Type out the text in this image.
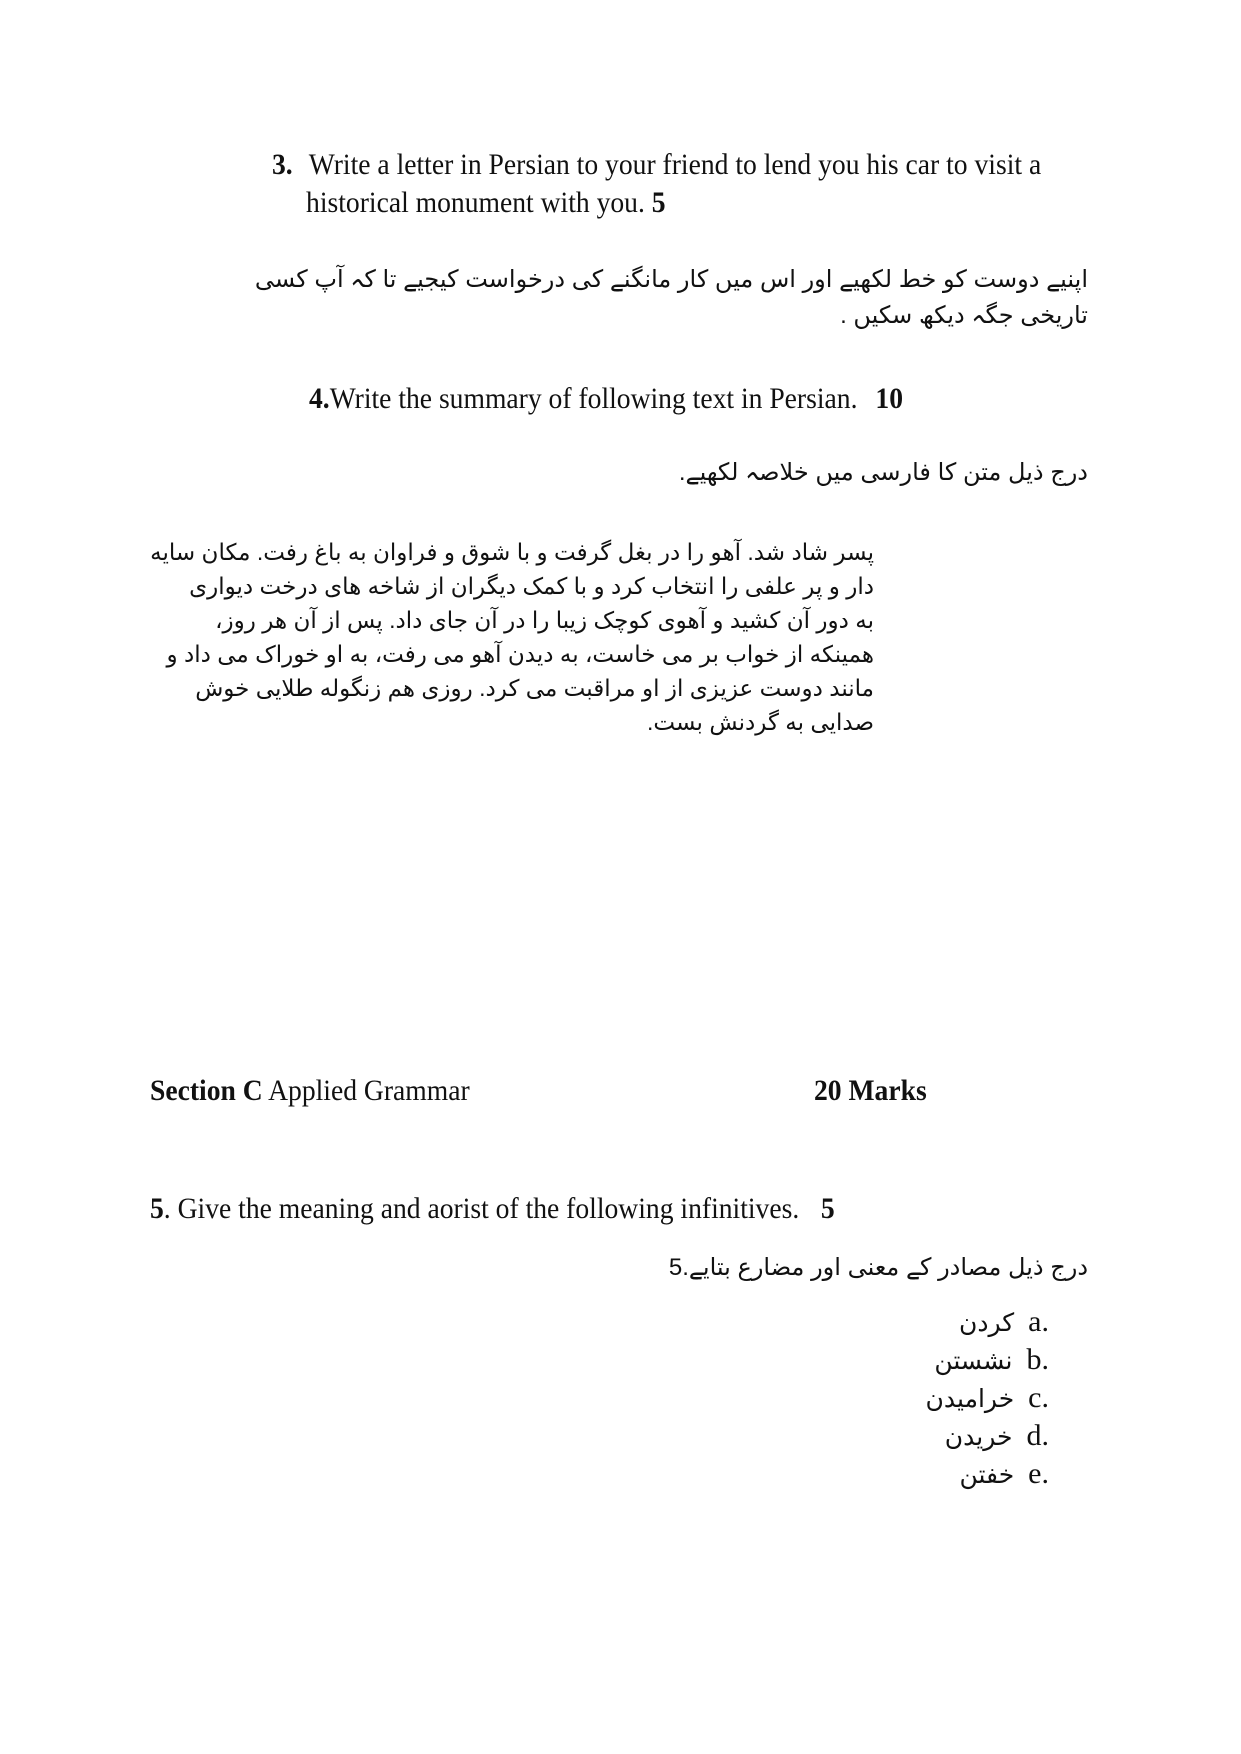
3. Write a letter in Persian to your friend to lend you his car to visit a
historical monument with you. 5
اپنیے دوست کو خط لکھیے اور اس میں کار مانگنے کی درخواست کیجیے تا کہ آپ کسی
تاریخی جگہ دیکھ سکیں .
4.Write the summary of following text in Persian. 10
درج ذیل متن کا فارسی میں خلاصہ لکھیے.
پسر شاد شد. آهو را در بغل گرفت و با شوق و فراوان به باغ رفت. مکان سایه
دار و پر علفی را انتخاب کرد و با کمک دیگران از شاخه های درخت دیواری
به دور آن کشید و آهوی کوچک زیبا را در آن جای داد. پس از آن هر روز،
همینکه از خواب بر می خاست، به دیدن آهو می رفت، به او خوراک می داد و
مانند دوست عزیزی از او مراقبت می کرد. روزی هم زنگوله طلایی خوش
صدایی به گردنش بست.
Section C Applied Grammar	20 Marks
5. Give the meaning and aorist of the following infinitives. 5
درج ذیل مصادر کے معنی اور مضارع بتایے.5
کردن a.
نشستن b.
خرامیدن c.
خریدن d.
خفتن e.
